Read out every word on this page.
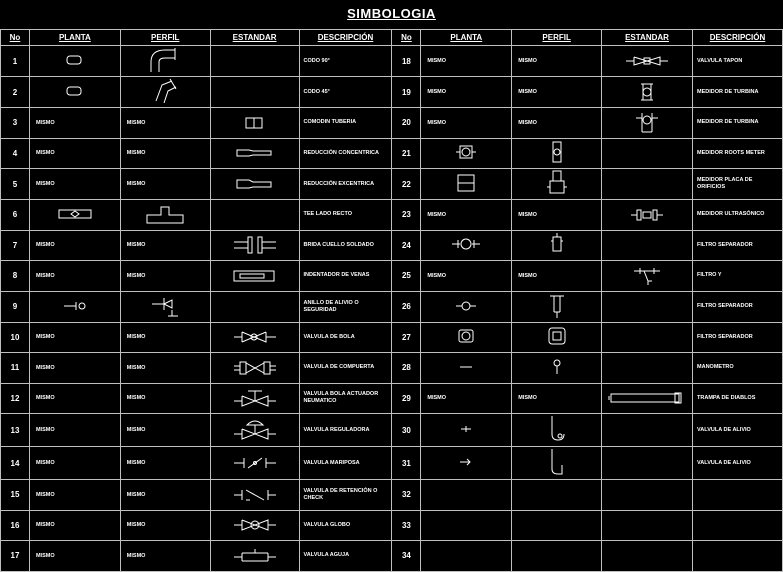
SIMBOLOGIA
No	PLANTA	PERFIL	ESTANDAR	DESCRIPCIÓN	No	PLANTA	PERFIL	ESTANDAR	DESCRIPCIÓN
1				CODO 90°	18	MISMO	MISMO		VALVULA TAPON
2				CODO 45°	19	MISMO	MISMO		MEDIDOR DE TURBINA
3	MISMO	MISMO		COMODIN TUBERIA	20	MISMO	MISMO		MEDIDOR DE TURBINA
4	MISMO	MISMO		REDUCCIÓN CONCENTRICA	21				MEDIDOR ROOTS METER
5	MISMO	MISMO		REDUCCIÓN EXCENTRICA	22				MEDIDOR PLACA DE ORIFICIOS
6				TEE LADO RECTO	23	MISMO	MISMO		MEDIDOR ULTRASÓNICO
7	MISMO	MISMO		BRIDA CUELLO SOLDADO	24				FILTRO SEPARADOR
8	MISMO	MISMO		INDENTADOR DE VENAS	25	MISMO	MISMO		FILTRO Y
9				ANILLO DE ALIVIO O SEGURIDAD	26				FILTRO SEPARADOR
10	MISMO	MISMO		VALVULA DE BOLA	27				FILTRO SEPARADOR
11	MISMO	MISMO		VALVULA DE COMPUERTA	28				MANOMETRO
12	MISMO	MISMO		VALVULA BOLA ACTUADOR NEUMATICO	29	MISMO	MISMO		TRAMPA DE DIABLOS
13	MISMO	MISMO		VALVULA REGULADORA	30				VALVULA DE ALIVIO
14	MISMO	MISMO		VALVULA MARIPOSA	31				VALVULA DE ALIVIO
15	MISMO	MISMO		VALVULA DE RETENCIÓN O CHECK	32				
16	MISMO	MISMO		VALVULA GLOBO	33				
17	MISMO	MISMO		VALVULA AGUJA	34				
